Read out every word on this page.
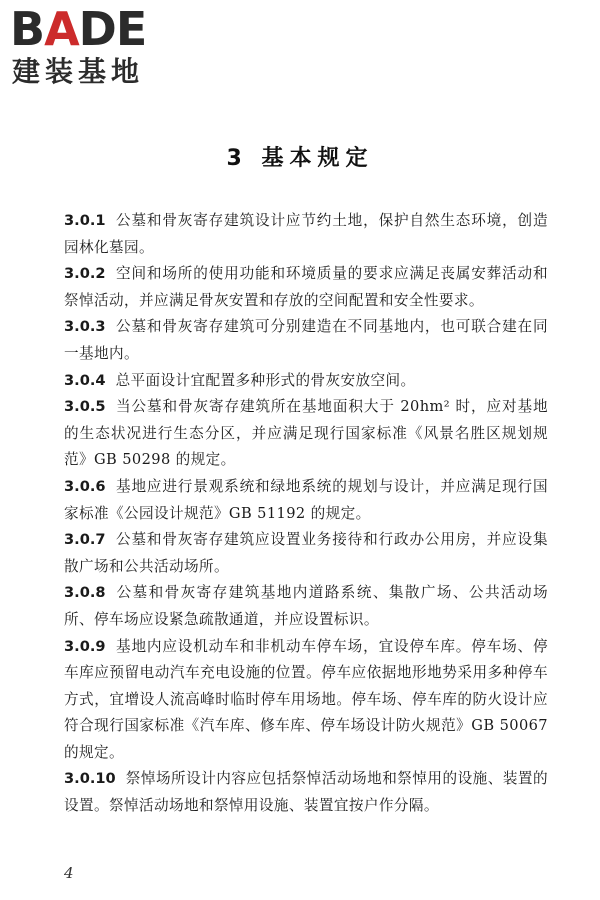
BADE
建装基地
3 基本规定

3.0.1 公墓和骨灰寄存建筑设计应节约土地，保护自然生态环境，创造园林化墓园。

3.0.2 空间和场所的使用功能和环境质量的要求应满足丧属安葬活动和祭悼活动，并应满足骨灰安置和存放的空间配置和安全性要求。

3.0.3 公墓和骨灰寄存建筑可分别建造在不同基地内，也可联合建在同一基地内。

3.0.4 总平面设计宜配置多种形式的骨灰安放空间。

3.0.5 当公墓和骨灰寄存建筑所在基地面积大于 20hm² 时，应对基地的生态状况进行生态分区，并应满足现行国家标准《风景名胜区规划规范》GB 50298 的规定。

3.0.6 基地应进行景观系统和绿地系统的规划与设计，并应满足现行国家标准《公园设计规范》GB 51192 的规定。

3.0.7 公墓和骨灰寄存建筑应设置业务接待和行政办公用房，并应设集散广场和公共活动场所。

3.0.8 公墓和骨灰寄存建筑基地内道路系统、集散广场、公共活动场所、停车场应设紧急疏散通道，并应设置标识。

3.0.9 基地内应设机动车和非机动车停车场，宜设停车库。停车场、停车库应预留电动汽车充电设施的位置。停车应依据地形地势采用多种停车方式，宜增设人流高峰时临时停车用场地。停车场、停车库的防火设计应符合现行国家标准《汽车库、修车库、停车场设计防火规范》GB 50067 的规定。

3.0.10 祭悼场所设计内容应包括祭悼活动场地和祭悼用的设施、装置的设置。祭悼活动场地和祭悼用设施、装置宜按户作分隔。

4
